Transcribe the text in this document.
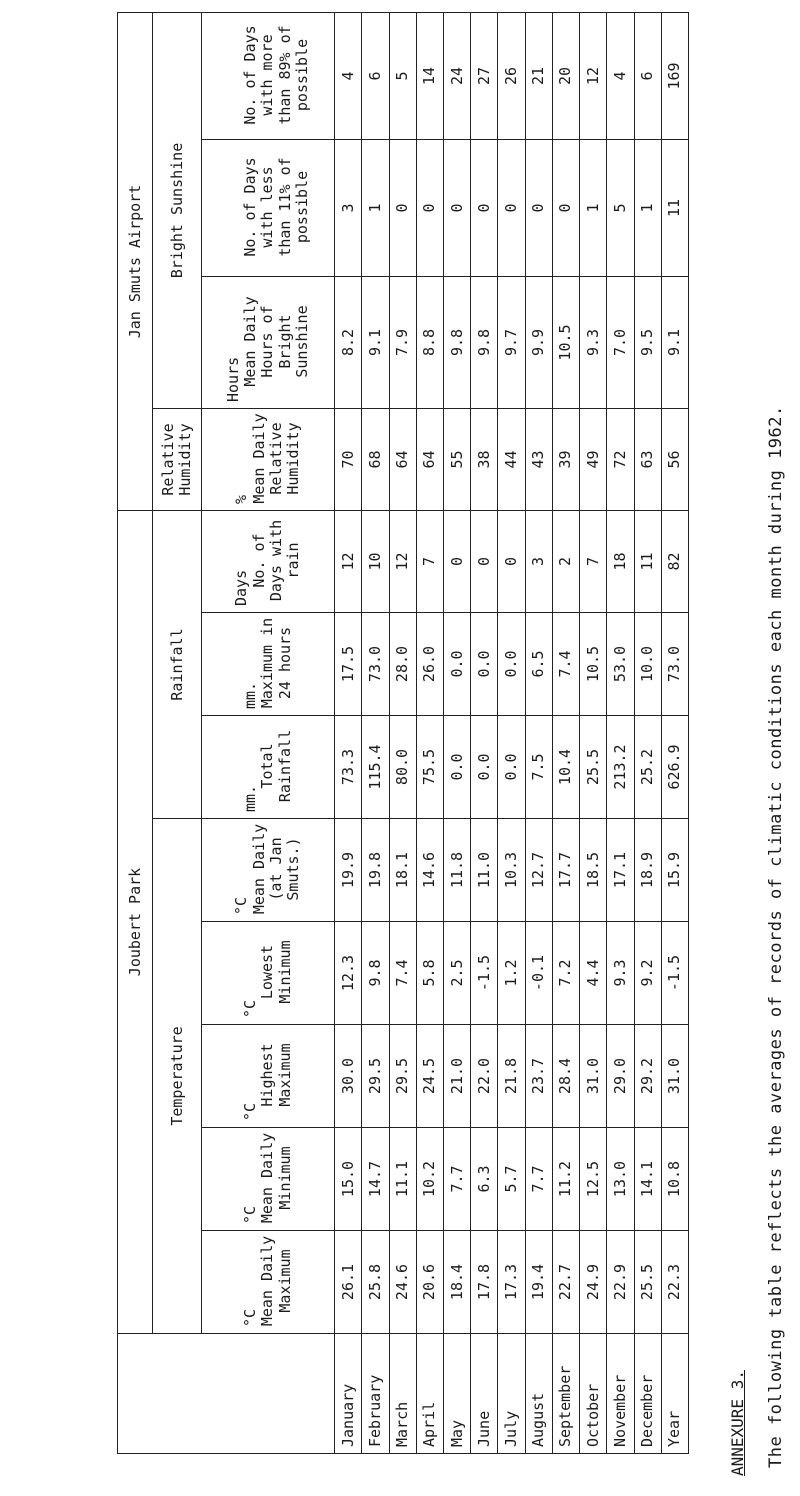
The following table reflects the averages of records of climatic conditions each month during 1962.
ANNEXURE 3.
	Joubert Park								Jan Smuts Airport			
	Temperature					Rainfall			Relative Humidity	Bright Sunshine		
	°CMean Daily Maximum	°CMean Daily Minimum	°CHighest Maximum	°CLowest Minimum	°CMean Daily (at Jan Smuts.)	mm.Total Rainfall	mm.Maximum in 24 hours	DaysNo. of Days with rain	%Mean Daily Relative Humidity	HoursMean Daily Hours of Bright Sunshine	No. of Days with less than 11% of possible	No. of Days with more than 89% of possible
January	26.1	15.0	30.0	12.3	19.9	73.3	17.5	12	70	8.2	3	4
February	25.8	14.7	29.5	9.8	19.8	115.4	73.0	10	68	9.1	1	6
March	24.6	11.1	29.5	7.4	18.1	80.0	28.0	12	64	7.9	0	5
April	20.6	10.2	24.5	5.8	14.6	75.5	26.0	7	64	8.8	0	14
May	18.4	7.7	21.0	2.5	11.8	0.0	0.0	0	55	9.8	0	24
June	17.8	6.3	22.0	-1.5	11.0	0.0	0.0	0	38	9.8	0	27
July	17.3	5.7	21.8	1.2	10.3	0.0	0.0	0	44	9.7	0	26
August	19.4	7.7	23.7	-0.1	12.7	7.5	6.5	3	43	9.9	0	21
September	22.7	11.2	28.4	7.2	17.7	10.4	7.4	2	39	10.5	0	20
October	24.9	12.5	31.0	4.4	18.5	25.5	10.5	7	49	9.3	1	12
November	22.9	13.0	29.0	9.3	17.1	213.2	53.0	18	72	7.0	5	4
December	25.5	14.1	29.2	9.2	18.9	25.2	10.0	11	63	9.5	1	6
Year	22.3	10.8	31.0	-1.5	15.9	626.9	73.0	82	56	9.1	11	169
